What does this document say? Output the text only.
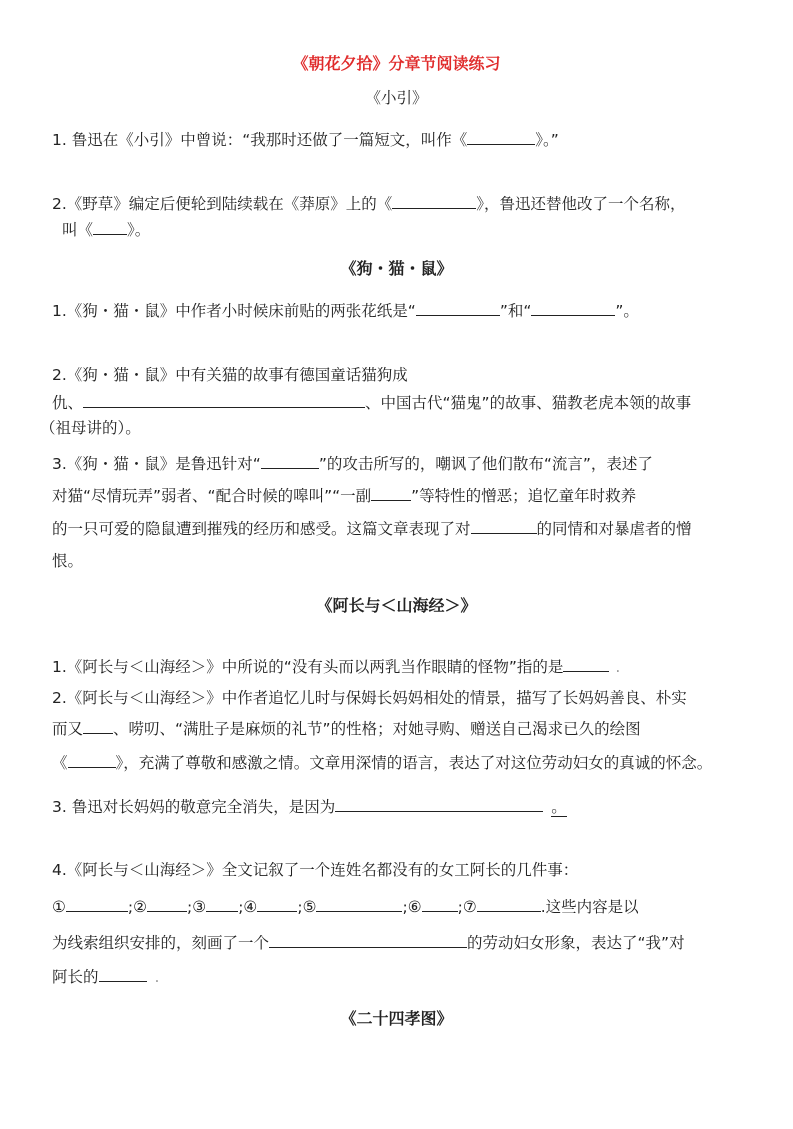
《朝花夕拾》分章节阅读练习
《小引》
1. 鲁迅在《小引》中曾说：“我那时还做了一篇短文，叫作《	》。”
2.《野草》编定后便轮到陆续载在《莽原》上的《	》，鲁迅还替他改了一个名称，
叫《 》。
《狗・猫・鼠》
1.《狗・猫・鼠》中作者小时候床前贴的两张花纸是“	”和“	”。
2.《狗・猫・鼠》中有关猫的故事有德国童话猫狗成
仇、	、中国古代“猫鬼”的故事、猫教老虎本领的故事
（祖母讲的）。
3.《狗・猫・鼠》是鲁迅针对“	”的攻击所写的，嘲讽了他们散布“流言”，表述了
对猫“尽情玩弄”弱者、“配合时候的嗥叫”“一副	”等特性的憎恶；追忆童年时救养
的一只可爱的隐鼠遭到摧残的经历和感受。这篇文章表现了对	的同情和对暴虐者的憎
恨。
《阿长与＜山海经＞》
1.《阿长与＜山海经＞》中所说的“没有头而以两乳当作眼睛的怪物”指的是	.
2.《阿长与＜山海经＞》中作者追忆儿时与保姆长妈妈相处的情景，描写了长妈妈善良、朴实
而又 、唠叨、“满肚子是麻烦的礼节”的性格；对她寻购、赠送自己渴求已久的绘图
《	》，充满了尊敬和感激之情。文章用深情的语言，表达了对这位劳动妇女的真诚的怀念。
3. 鲁迅对长妈妈的敬意完全消失，是因为	。
4.《阿长与＜山海经＞》全文记叙了一个连姓名都没有的女工阿长的几件事：
①	;②	;③ ;④	;⑤	;⑥ ;⑦	.这些内容是以
为线索组织安排的，刻画了一个	的劳动妇女形象，表达了“我”对
阿长的	.
《二十四孝图》
